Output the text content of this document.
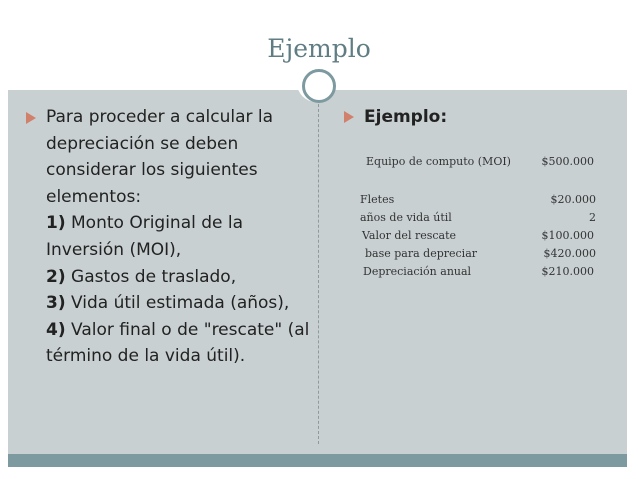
Ejemplo
Para proceder a calcular la depreciación se deben considerar los siguientes elementos:
1) Monto Original de la Inversión (MOI),
2) Gastos de traslado,
3) Vida útil estimada (años),
4) Valor final o de "rescate" (al término de la vida útil).
Ejemplo:
Equipo de computo (MOI)	$500.000
Fletes	$20.000
años de vida útil	2
Valor del rescate	$100.000
base para depreciar	$420.000
Depreciación anual	$210.000
